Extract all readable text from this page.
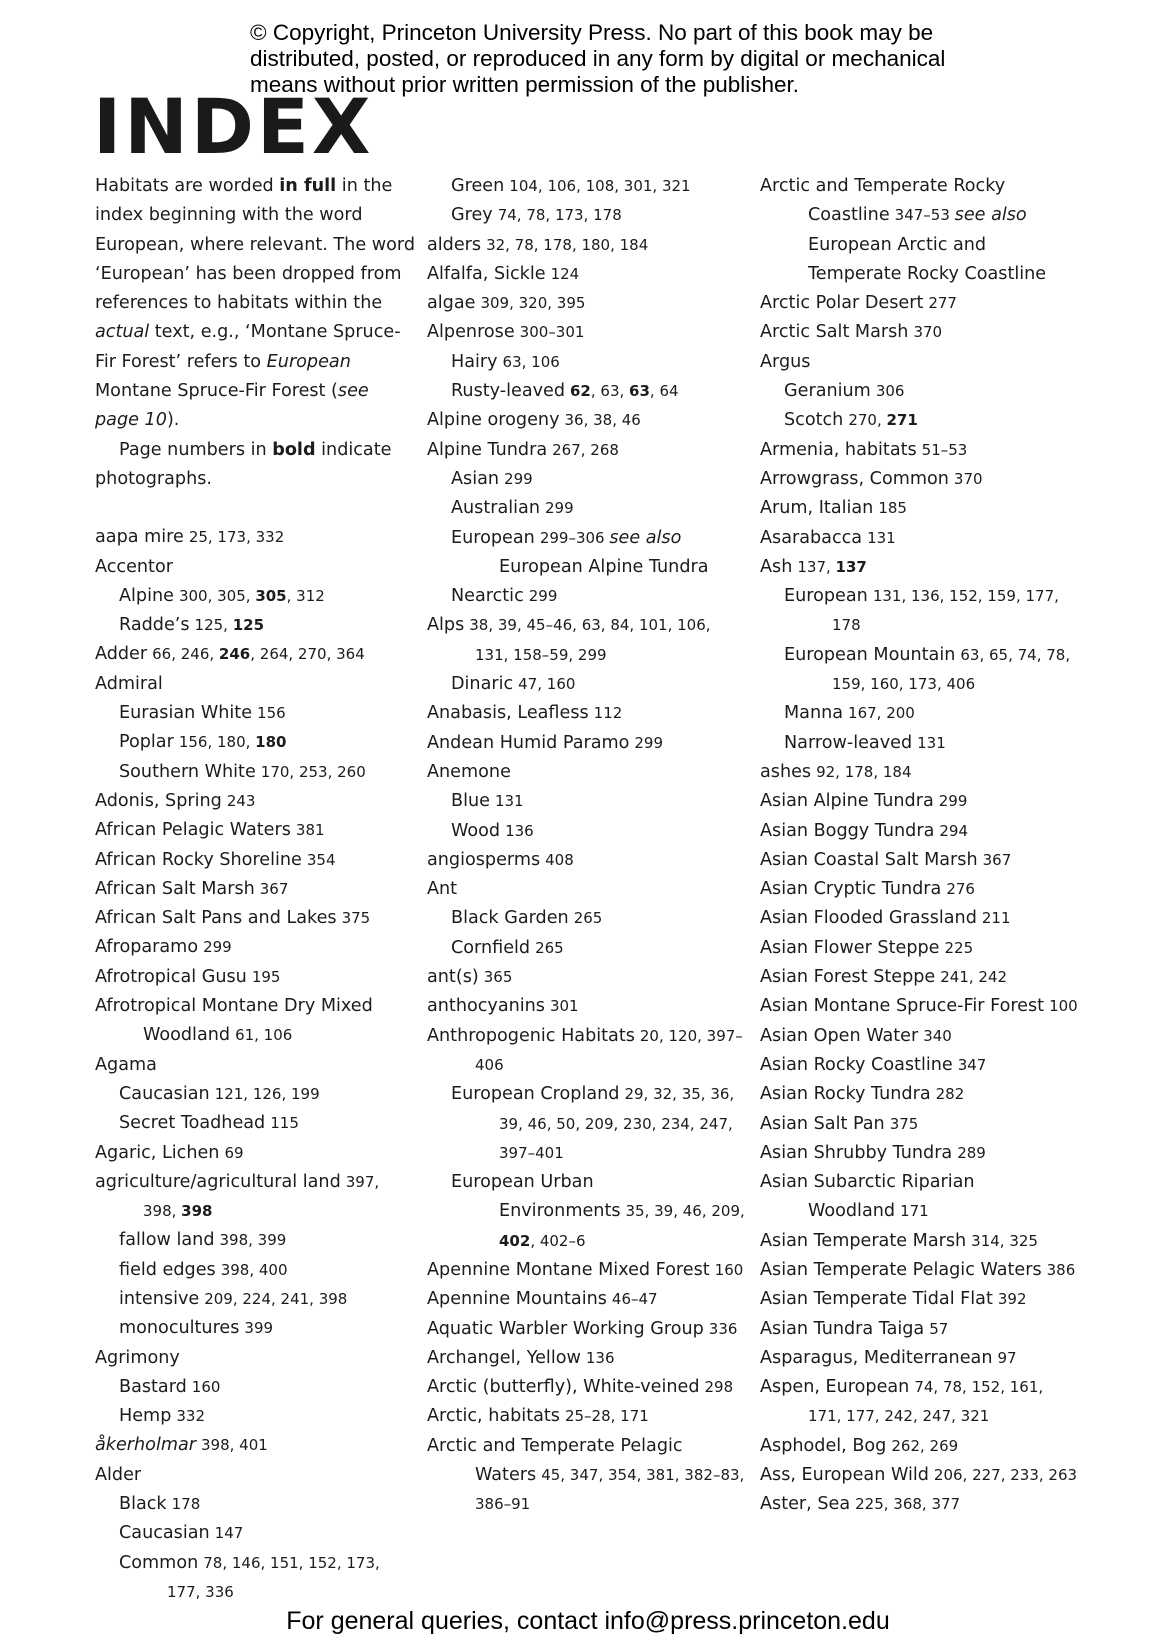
© Copyright, Princeton University Press. No part of this book may be distributed, posted, or reproduced in any form by digital or mechanical means without prior written permission of the publisher.
INDEX

Habitats are worded in full in the index beginning with the word European, where relevant. The word ‘European’ has been dropped from references to habitats within the actual text, e.g., ‘Montane Spruce-Fir Forest’ refers to European Montane Spruce-Fir Forest (see page 10).

Page numbers in bold indicate photographs.

aapa mire 25, 173, 332
Accentor
Alpine 300, 305, 305, 312
Radde’s 125, 125
Adder 66, 246, 246, 264, 270, 364
Admiral
Eurasian White 156
Poplar 156, 180, 180
Southern White 170, 253, 260
Adonis, Spring 243
African Pelagic Waters 381
African Rocky Shoreline 354
African Salt Marsh 367
African Salt Pans and Lakes 375
Afroparamo 299
Afrotropical Gusu 195
Afrotropical Montane Dry Mixed Woodland 61, 106
Agama
Caucasian 121, 126, 199
Secret Toadhead 115
Agaric, Lichen 69
agriculture/agricultural land 397, 398, 398
fallow land 398, 399
field edges 398, 400
intensive 209, 224, 241, 398
monocultures 399
Agrimony
Bastard 160
Hemp 332
åkerholmar 398, 401
Alder
Black 178
Caucasian 147
Common 78, 146, 151, 152, 173, 177, 336
Green 104, 106, 108, 301, 321
Grey 74, 78, 173, 178
alders 32, 78, 178, 180, 184
Alfalfa, Sickle 124
algae 309, 320, 395
Alpenrose 300–301
Hairy 63, 106
Rusty-leaved 62, 63, 63, 64
Alpine orogeny 36, 38, 46
Alpine Tundra 267, 268
Asian 299
Australian 299
European 299–306 see also European Alpine Tundra
Nearctic 299
Alps 38, 39, 45–46, 63, 84, 101, 106, 131, 158–59, 299
Dinaric 47, 160
Anabasis, Leafless 112
Andean Humid Paramo 299
Anemone
Blue 131
Wood 136
angiosperms 408
Ant
Black Garden 265
Cornfield 265
ant(s) 365
anthocyanins 301
Anthropogenic Habitats 20, 120, 397–406
European Cropland 29, 32, 35, 36, 39, 46, 50, 209, 230, 234, 247, 397–401
European Urban Environments 35, 39, 46, 209, 402, 402–6
Apennine Montane Mixed Forest 160
Apennine Mountains 46–47
Aquatic Warbler Working Group 336
Archangel, Yellow 136
Arctic (butterfly), White-veined 298
Arctic, habitats 25–28, 171
Arctic and Temperate Pelagic Waters 45, 347, 354, 381, 382–83, 386–91
Arctic and Temperate Rocky Coastline 347–53 see also European Arctic and Temperate Rocky Coastline
Arctic Polar Desert 277
Arctic Salt Marsh 370
Argus
Geranium 306
Scotch 270, 271
Armenia, habitats 51–53
Arrowgrass, Common 370
Arum, Italian 185
Asarabacca 131
Ash 137, 137
European 131, 136, 152, 159, 177, 178
European Mountain 63, 65, 74, 78, 159, 160, 173, 406
Manna 167, 200
Narrow-leaved 131
ashes 92, 178, 184
Asian Alpine Tundra 299
Asian Boggy Tundra 294
Asian Coastal Salt Marsh 367
Asian Cryptic Tundra 276
Asian Flooded Grassland 211
Asian Flower Steppe 225
Asian Forest Steppe 241, 242
Asian Montane Spruce-Fir Forest 100
Asian Open Water 340
Asian Rocky Coastline 347
Asian Rocky Tundra 282
Asian Salt Pan 375
Asian Shrubby Tundra 289
Asian Subarctic Riparian Woodland 171
Asian Temperate Marsh 314, 325
Asian Temperate Pelagic Waters 386
Asian Temperate Tidal Flat 392
Asian Tundra Taiga 57
Asparagus, Mediterranean 97
Aspen, European 74, 78, 152, 161, 171, 177, 242, 247, 321
Asphodel, Bog 262, 269
Ass, European Wild 206, 227, 233, 263
Aster, Sea 225, 368, 377
For general queries, contact info@press.princeton.edu
